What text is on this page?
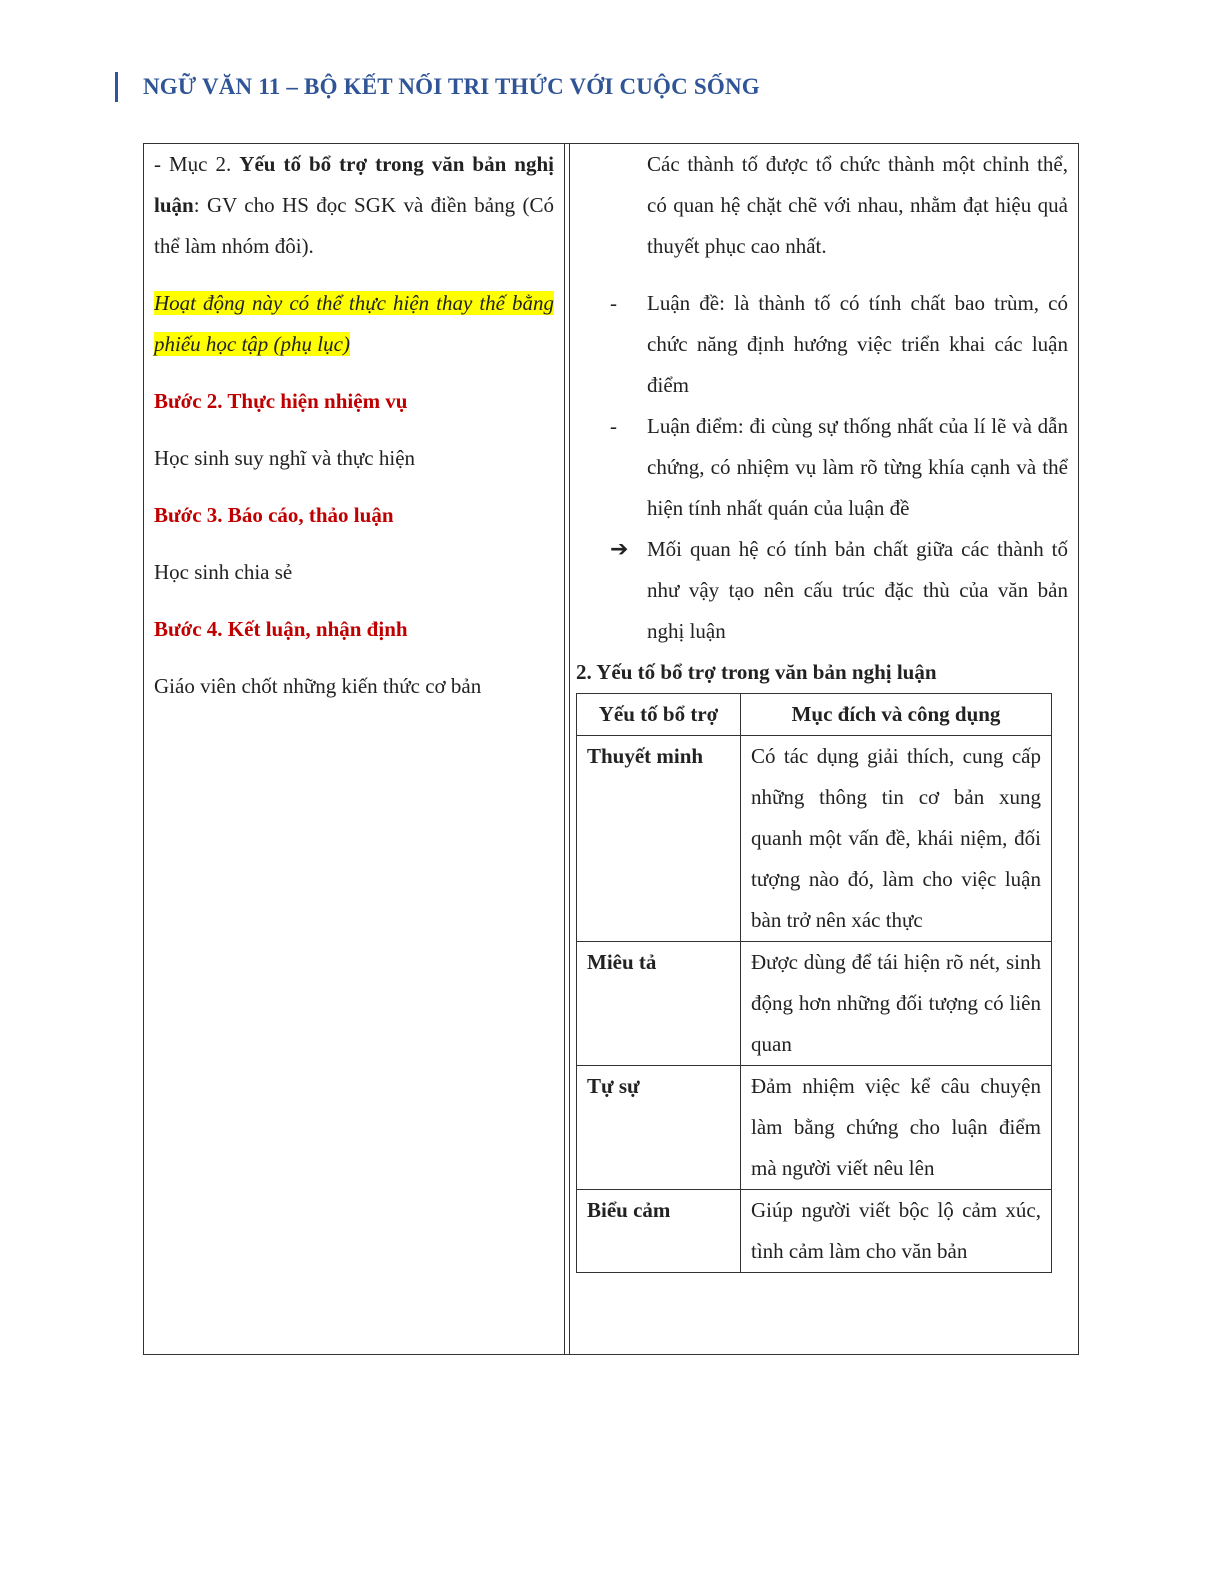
NGỮ VĂN 11 – BỘ KẾT NỐI TRI THỨC VỚI CUỘC SỐNG

- Mục 2. Yếu tố bổ trợ trong văn bản nghị luận: GV cho HS đọc SGK và điền bảng (Có thể làm nhóm đôi).

Hoạt động này có thể thực hiện thay thế bằng phiếu học tập (phụ lục)

Bước 2. Thực hiện nhiệm vụ

Học sinh suy nghĩ và thực hiện

Bước 3. Báo cáo, thảo luận

Học sinh chia sẻ

Bước 4. Kết luận, nhận định

Giáo viên chốt những kiến thức cơ bản

Các thành tố được tổ chức thành một chỉnh thể, có quan hệ chặt chẽ với nhau, nhằm đạt hiệu quả thuyết phục cao nhất.

- Luận đề: là thành tố có tính chất bao trùm, có chức năng định hướng việc triển khai các luận điểm
- Luận điểm: đi cùng sự thống nhất của lí lẽ và dẫn chứng, có nhiệm vụ làm rõ từng khía cạnh và thể hiện tính nhất quán của luận đề
➔ Mối quan hệ có tính bản chất giữa các thành tố như vậy tạo nên cấu trúc đặc thù của văn bản nghị luận

2. Yếu tố bổ trợ trong văn bản nghị luận

Yếu tố bổ trợ	Mục đích và công dụng
Thuyết minh	Có tác dụng giải thích, cung cấp những thông tin cơ bản xung quanh một vấn đề, khái niệm, đối tượng nào đó, làm cho việc luận bàn trở nên xác thực
Miêu tả	Được dùng để tái hiện rõ nét, sinh động hơn những đối tượng có liên quan
Tự sự	Đảm nhiệm việc kể câu chuyện làm bằng chứng cho luận điểm mà người viết nêu lên
Biểu cảm	Giúp người viết bộc lộ cảm xúc, tình cảm làm cho văn bản
